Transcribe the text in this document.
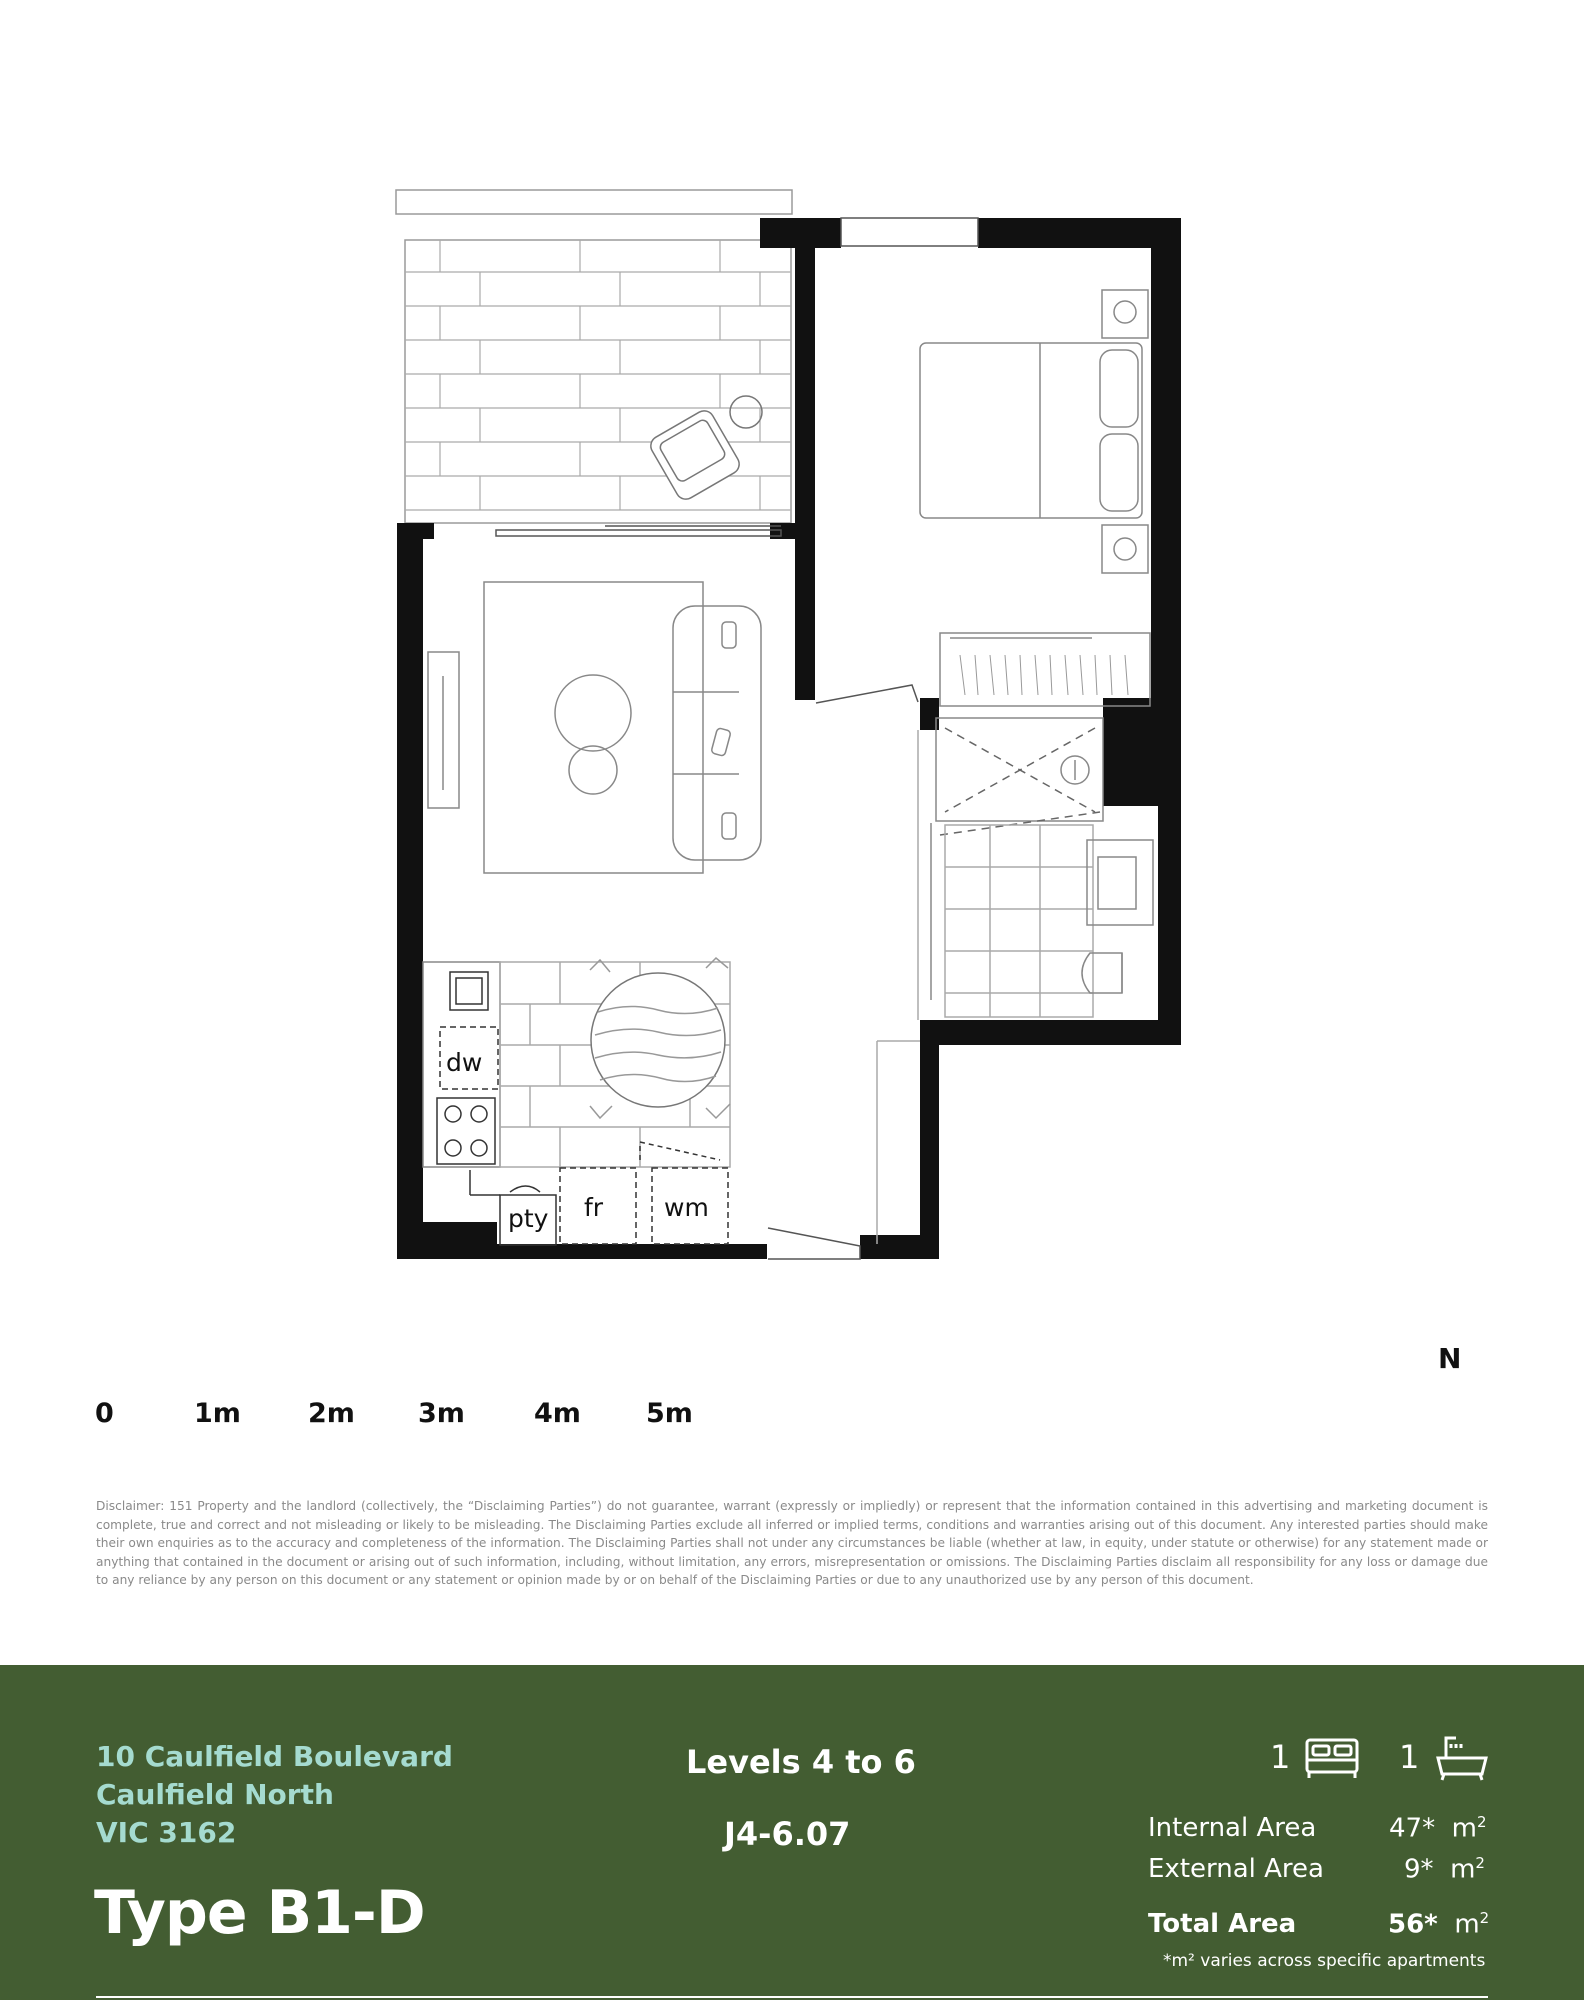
dw
pty fr wm
0	1m 2m 3m	4m 5m
N

Disclaimer: 151 Property and the landlord (collectively, the “Disclaiming Parties”) do not guarantee, warrant (expressly or impliedly) or represent that the information contained in this advertising and marketing document is complete, true and correct and not misleading or likely to be misleading. The Disclaiming Parties exclude all inferred or implied terms, conditions and warranties arising out of this document. Any interested parties should make their own enquiries as to the accuracy and completeness of the information. The Disclaiming Parties shall not under any circumstances be liable (whether at law, in equity, under statute or otherwise) for any statement made or anything that contained in the document or arising out of such information, including, without limitation, any errors, misrepresentation or omissions. The Disclaiming Parties disclaim all responsibility for any loss or damage due to any reliance by any person on this document or any statement or opinion made by or on behalf of the Disclaiming Parties or due to any unauthorized use by any person of this document.

10 Caulfield Boulevard
Caulfield North
VIC 3162
Type B1-D
Levels 4 to 6
J4-6.07
1	1
Internal Area	47* $m^2$
External Area	9* $m^2$
Total Area	56* $m^2$
*m² varies across specific apartments
